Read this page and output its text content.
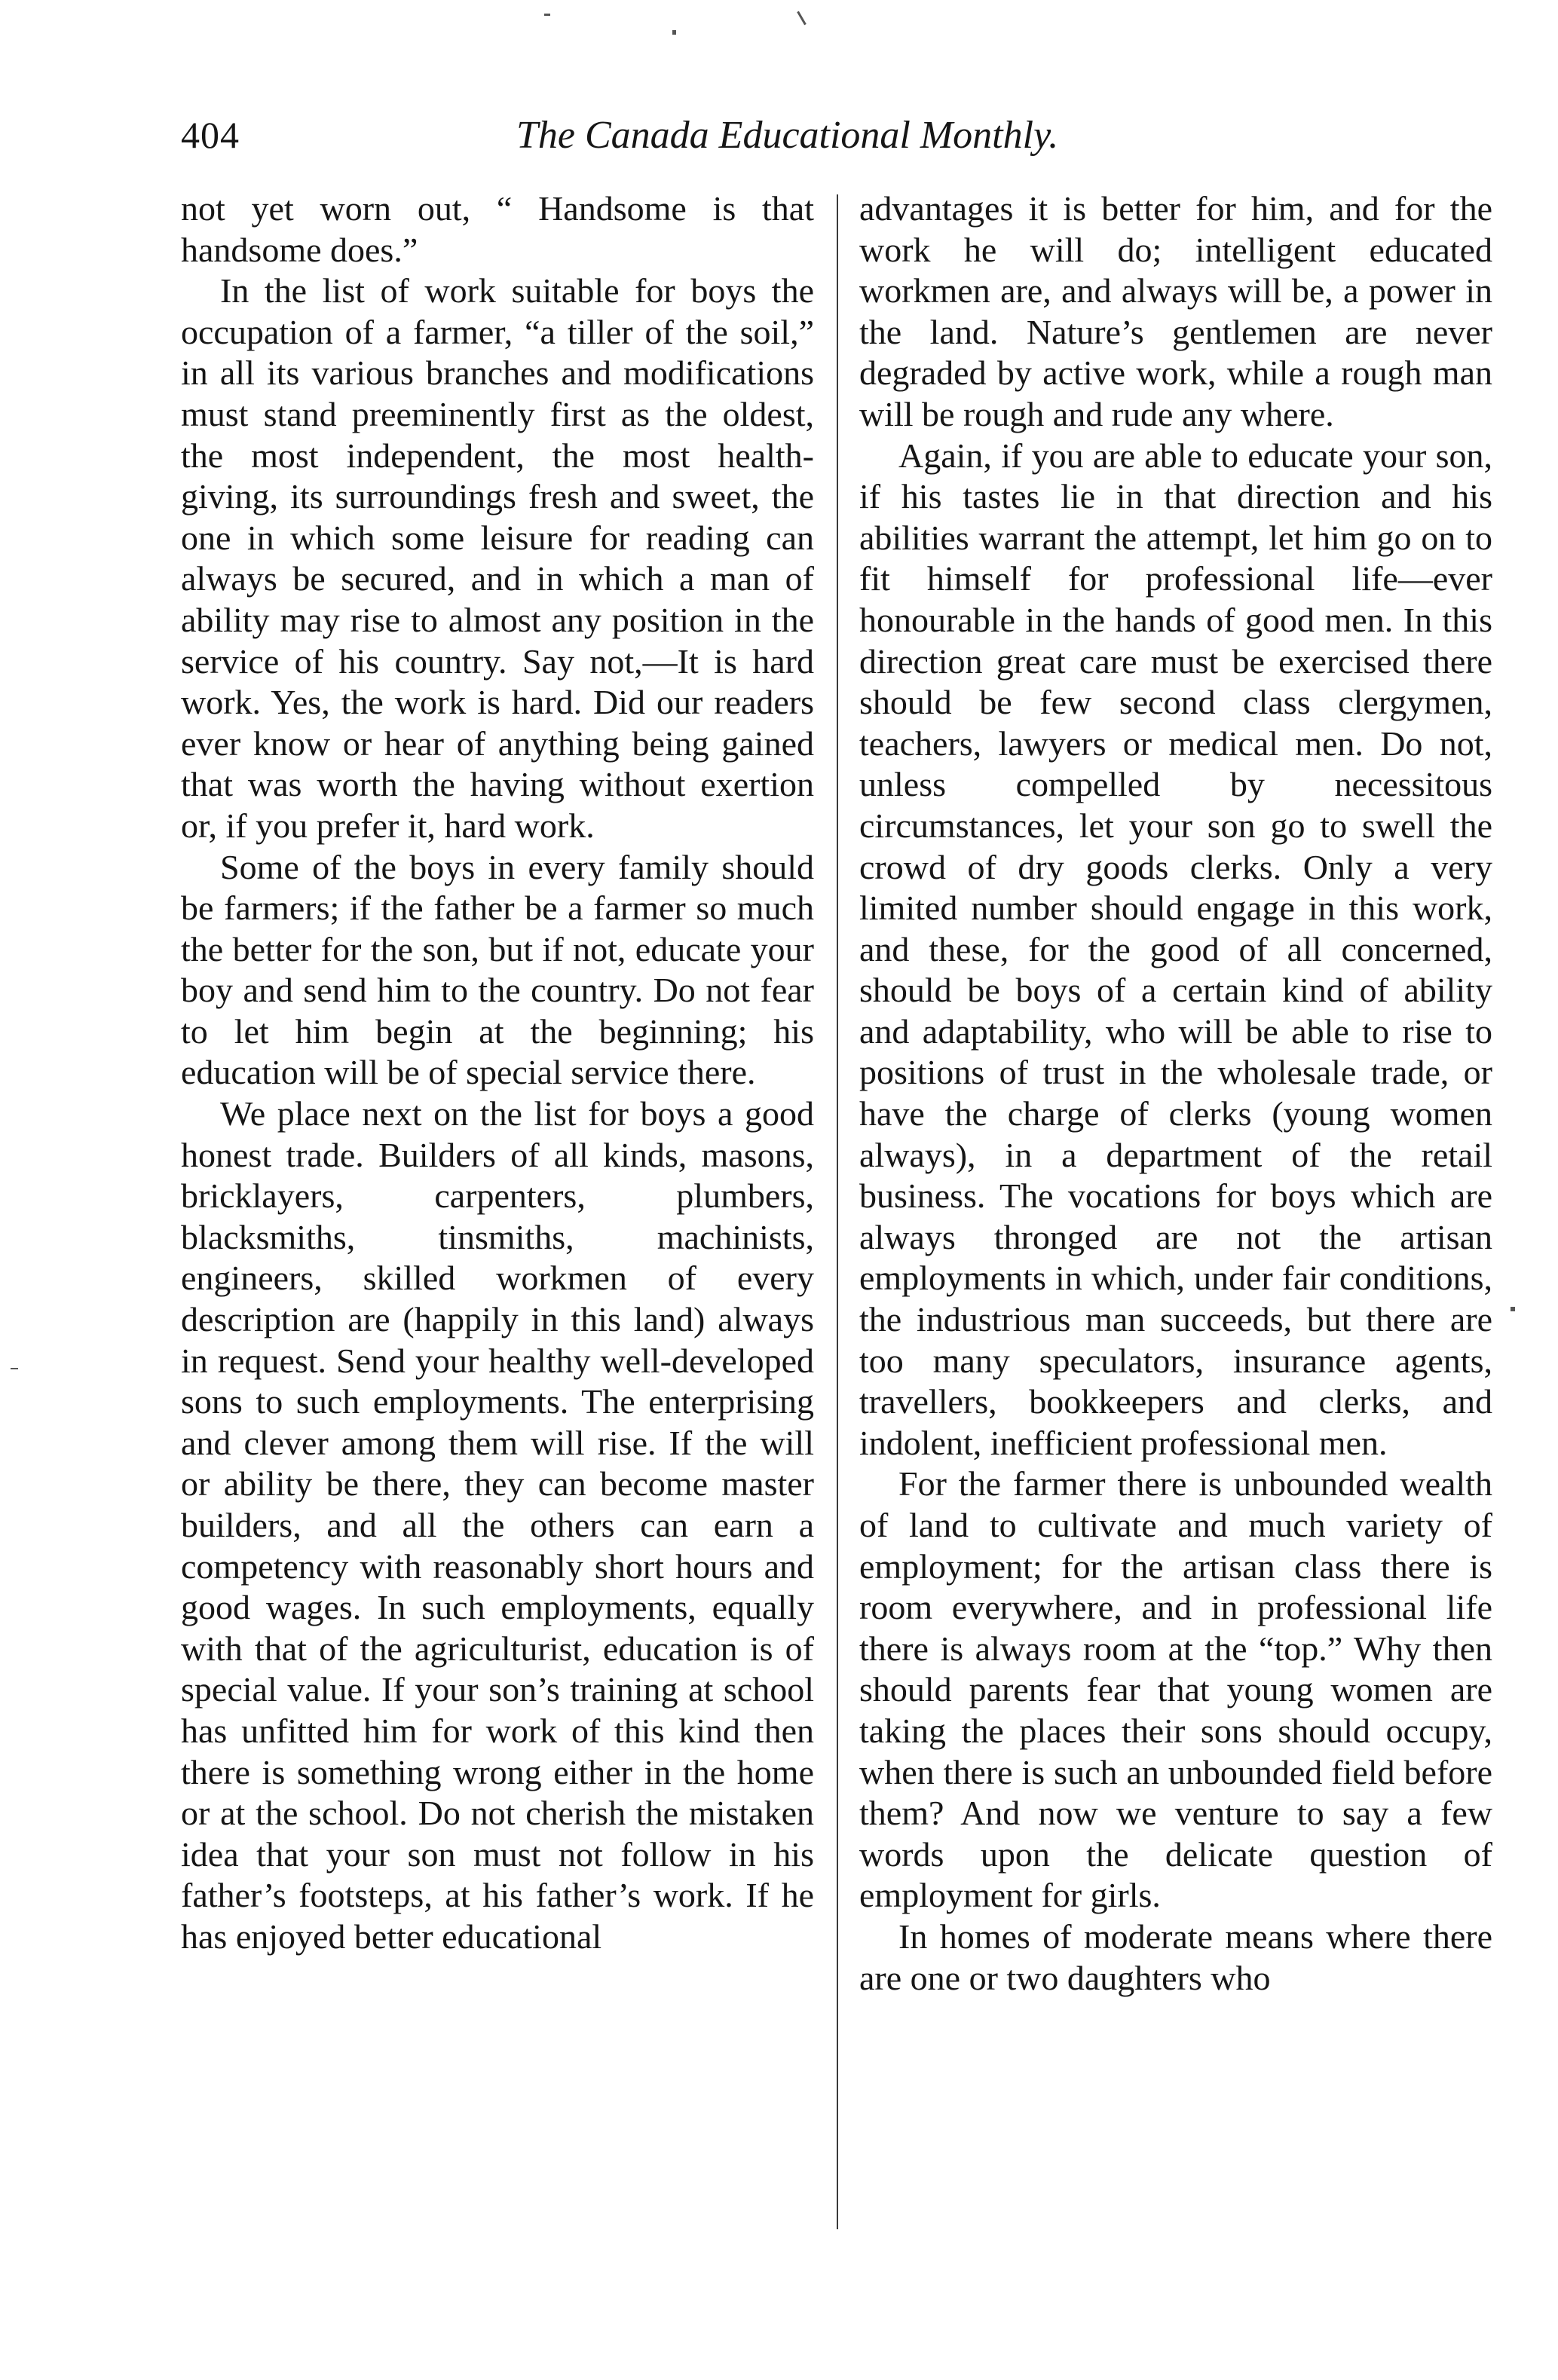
404	The Canada Educational Monthly.

not yet worn out, “ Handsome is that handsome does.”

In the list of work suitable for boys the occupation of a farmer, “a tiller of the soil,” in all its various branches and modifications must stand preeminently first as the oldest, the most independent, the most health-giving, its surroundings fresh and sweet, the one in which some leisure for reading can always be secured, and in which a man of ability may rise to almost any position in the service of his country. Say not,—It is hard work. Yes, the work is hard. Did our readers ever know or hear of anything being gained that was worth the having without exertion or, if you prefer it, hard work.

Some of the boys in every family should be farmers; if the father be a farmer so much the better for the son, but if not, educate your boy and send him to the country. Do not fear to let him begin at the beginning; his education will be of special service there.

We place next on the list for boys a good honest trade. Builders of all kinds, masons, bricklayers, carpenters, plumbers, blacksmiths, tinsmiths, machinists, engineers, skilled workmen of every description are (happily in this land) always in request. Send your healthy well-developed sons to such employments. The enterprising and clever among them will rise. If the will or ability be there, they can become master builders, and all the others can earn a competency with reasonably short hours and good wages. In such employments, equally with that of the agriculturist, education is of special value. If your son’s training at school has unfitted him for work of this kind then there is something wrong either in the home or at the school. Do not cherish the mistaken idea that your son must not follow in his father’s footsteps, at his father’s work. If he has enjoyed better educational

advantages it is better for him, and for the work he will do; intelligent educated workmen are, and always will be, a power in the land. Nature’s gentlemen are never degraded by active work, while a rough man will be rough and rude any where.

Again, if you are able to educate your son, if his tastes lie in that direction and his abilities warrant the attempt, let him go on to fit himself for professional life—ever honourable in the hands of good men. In this direction great care must be exercised there should be few second class clergymen, teachers, lawyers or medical men. Do not, unless compelled by necessitous circumstances, let your son go to swell the crowd of dry goods clerks. Only a very limited number should engage in this work, and these, for the good of all concerned, should be boys of a certain kind of ability and adaptability, who will be able to rise to positions of trust in the wholesale trade, or have the charge of clerks (young women always), in a department of the retail business. The vocations for boys which are always thronged are not the artisan employments in which, under fair conditions, the industrious man succeeds, but there are too many speculators, insurance agents, travellers, bookkeepers and clerks, and indolent, inefficient professional men.

For the farmer there is unbounded wealth of land to cultivate and much variety of employment; for the artisan class there is room everywhere, and in professional life there is always room at the “top.” Why then should parents fear that young women are taking the places their sons should occupy, when there is such an unbounded field before them? And now we venture to say a few words upon the delicate question of employment for girls.

In homes of moderate means where there are one or two daughters who
